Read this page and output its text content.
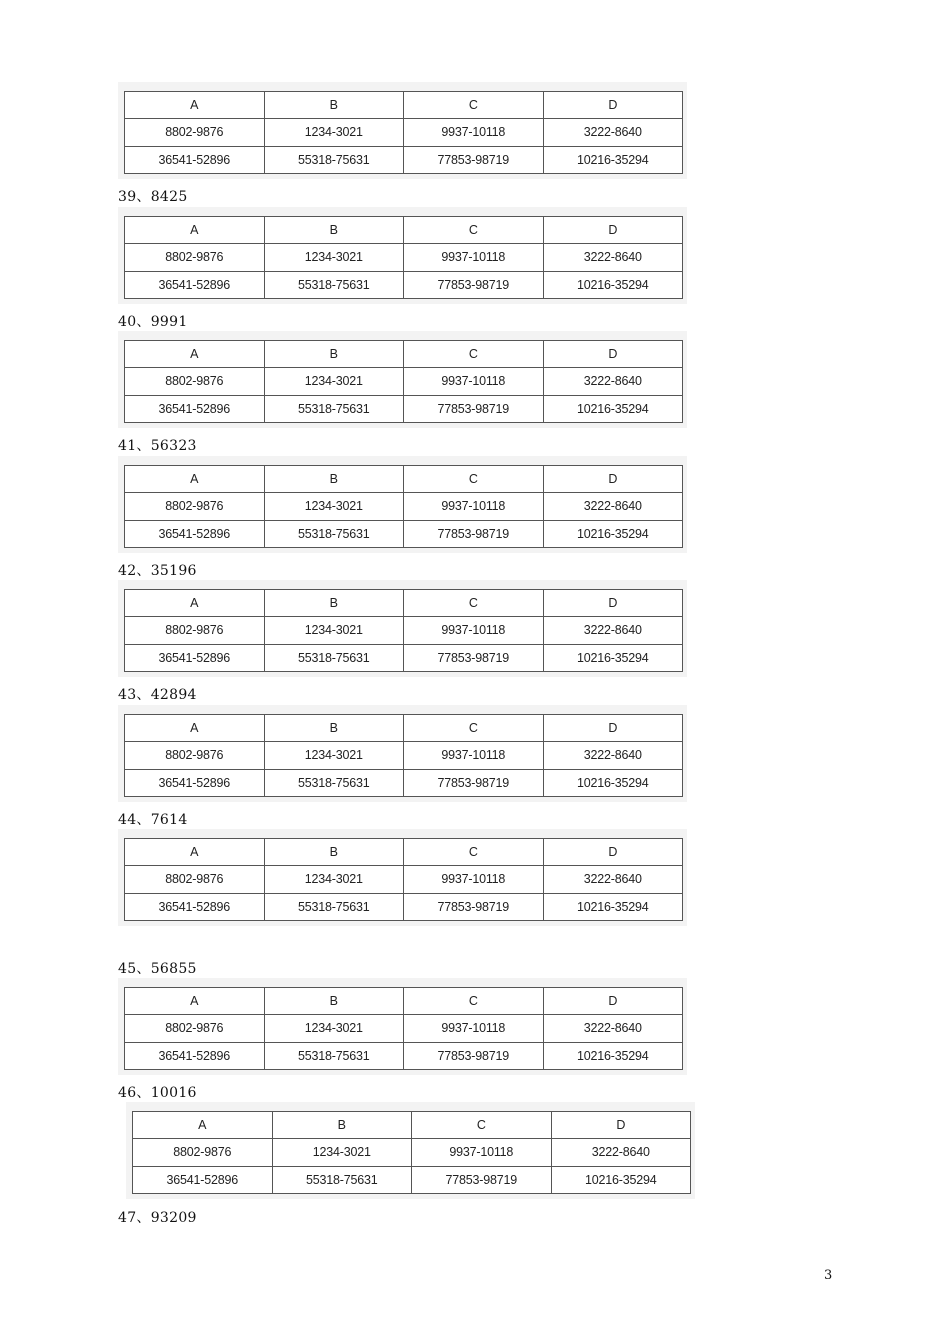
A	B	C	D
8802-9876	1234-3021	9937-10118	3222-8640
36541-52896	55318-75631	77853-98719	10216-35294
39、8425
A	B	C	D
8802-9876	1234-3021	9937-10118	3222-8640
36541-52896	55318-75631	77853-98719	10216-35294
40、9991
A	B	C	D
8802-9876	1234-3021	9937-10118	3222-8640
36541-52896	55318-75631	77853-98719	10216-35294
41、56323
A	B	C	D
8802-9876	1234-3021	9937-10118	3222-8640
36541-52896	55318-75631	77853-98719	10216-35294
42、35196
A	B	C	D
8802-9876	1234-3021	9937-10118	3222-8640
36541-52896	55318-75631	77853-98719	10216-35294
43、42894
A	B	C	D
8802-9876	1234-3021	9937-10118	3222-8640
36541-52896	55318-75631	77853-98719	10216-35294
44、7614
A	B	C	D
8802-9876	1234-3021	9937-10118	3222-8640
36541-52896	55318-75631	77853-98719	10216-35294
45、56855
A	B	C	D
8802-9876	1234-3021	9937-10118	3222-8640
36541-52896	55318-75631	77853-98719	10216-35294
46、10016
A	B	C	D
8802-9876	1234-3021	9937-10118	3222-8640
36541-52896	55318-75631	77853-98719	10216-35294
47、93209
3
